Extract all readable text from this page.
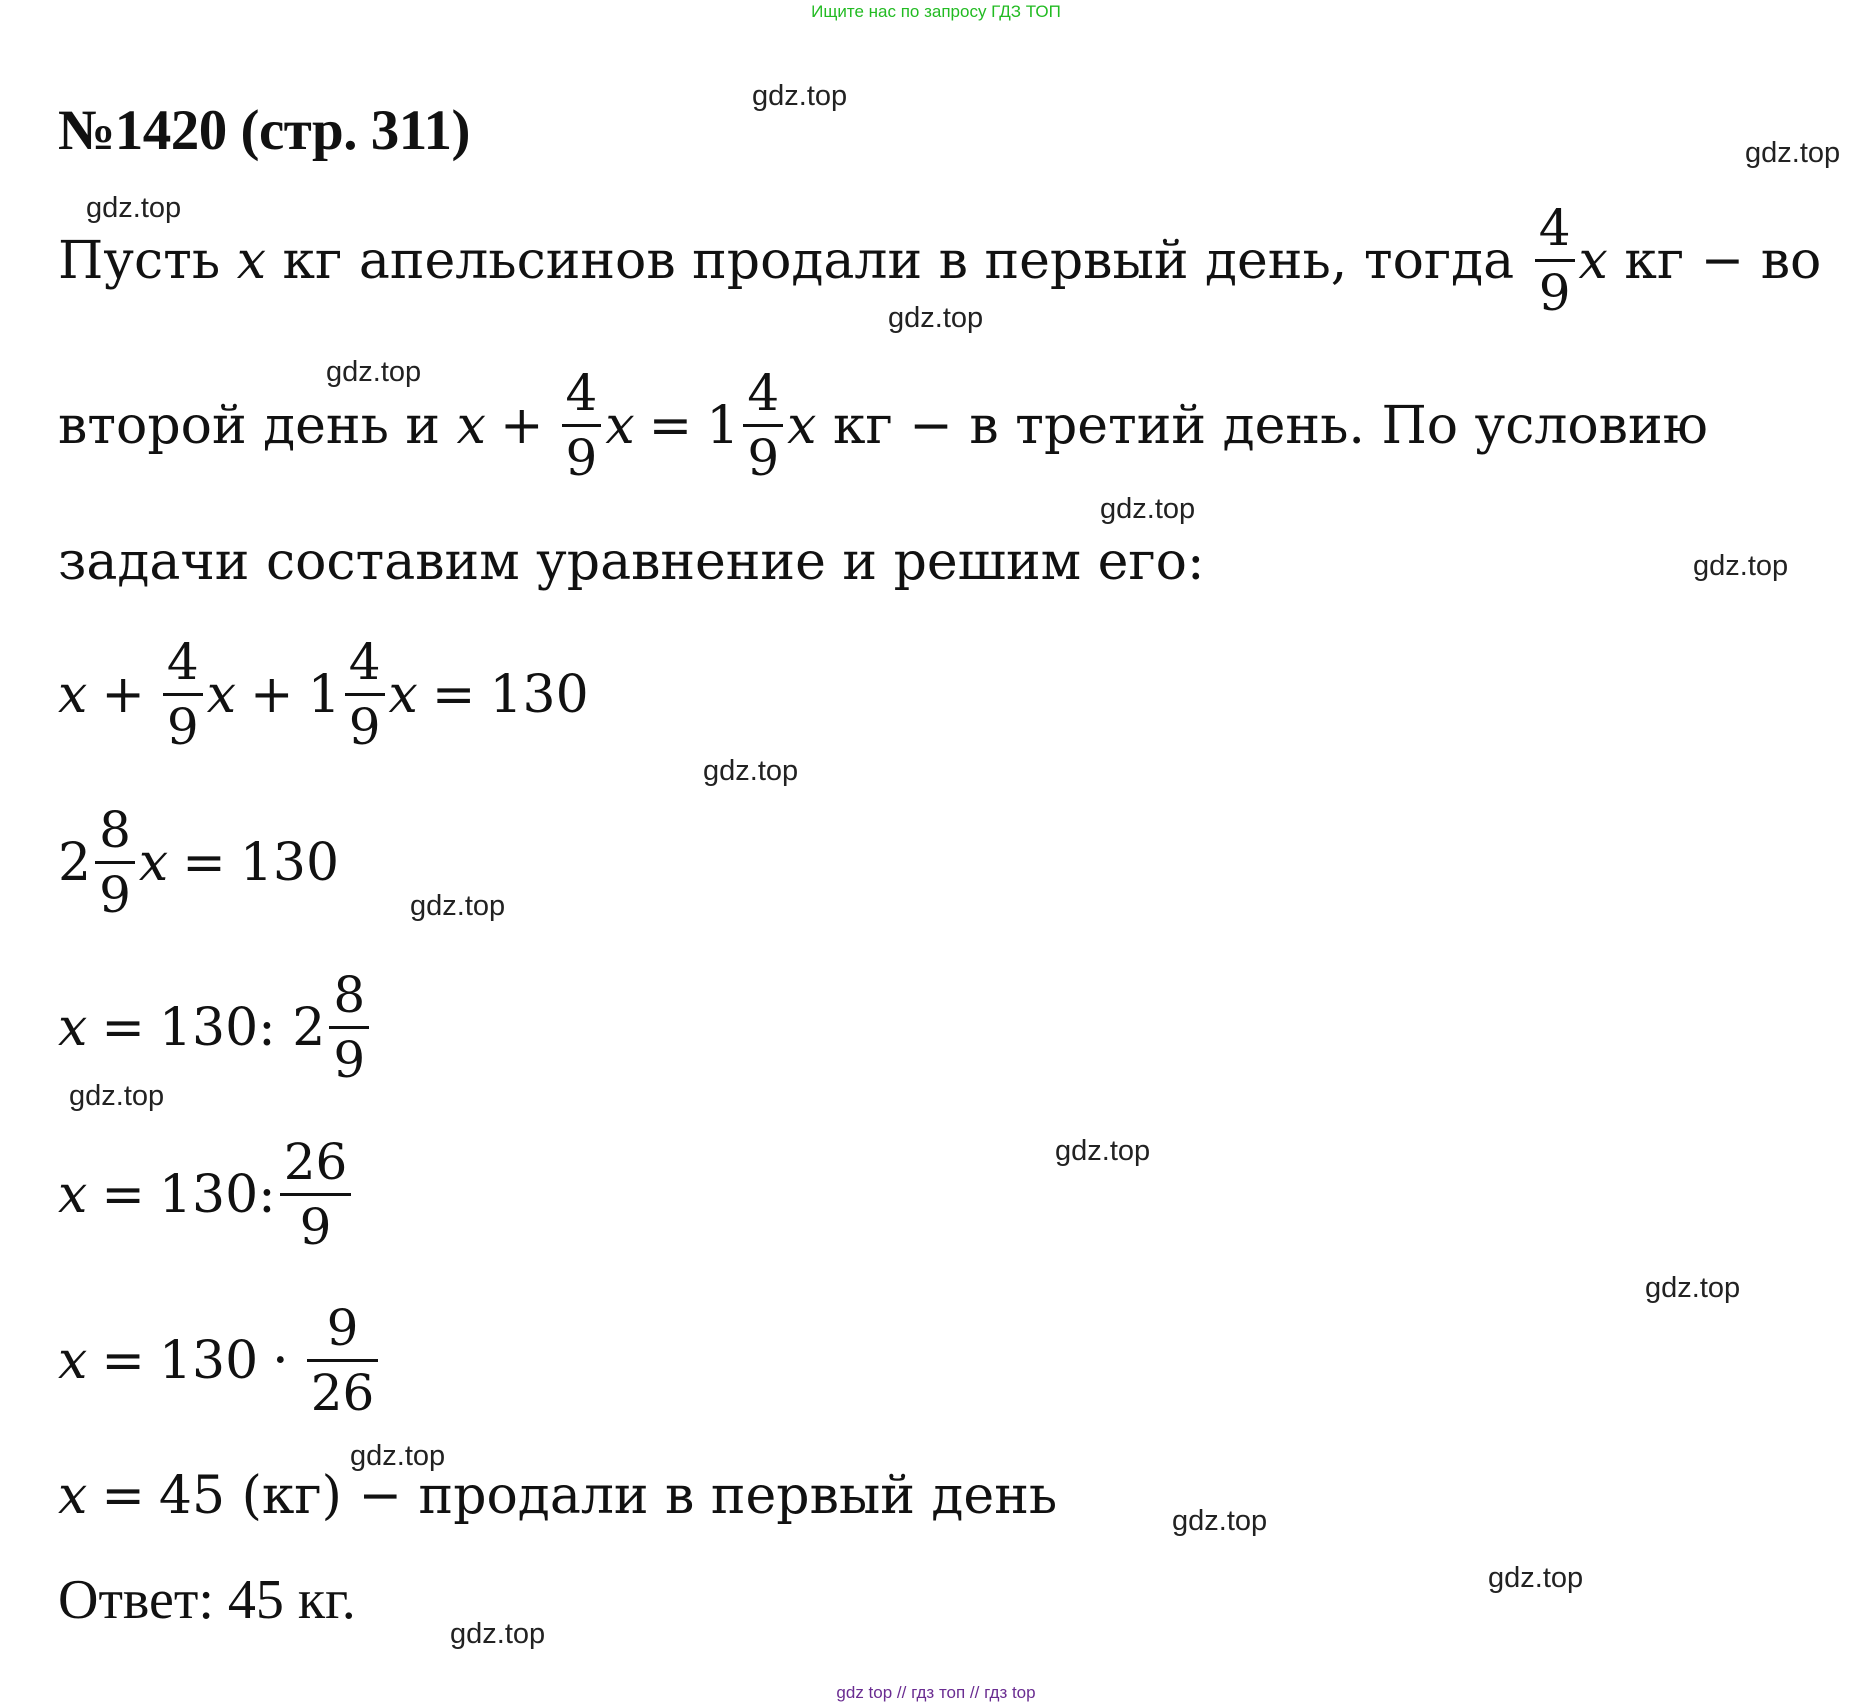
Ищите нас по запросу ГДЗ ТОП
№1420 (стр. 311)
gdz.top
gdz.top
gdz.top
gdz.top
gdz.top
gdz.top
gdz.top
gdz.top
gdz.top
gdz.top
gdz.top
gdz.top
gdz.top
gdz.top
gdz.top
gdz.top
Пусть
x
кг апельсинов продали в первый день, тогда
$\frac{4}{9}$ x
кг − во
второй день и
$x + \frac{4}{9}$ $x = 1 \frac{4}{9}$ x
кг − в третий день. По условию
задачи составим уравнение и решим его:
$x + \frac{4}{9}$ $x + 1 \frac{4}{9}$ x = 130
$2 \frac{8}{9}$ x = 130
x = 130 :
$2 \frac{8}{9}$
x = 130 : $\frac{26}{9}$
$x = 130 \cdot \frac{9}{26}$
x = 45 (кг) − продали в первый день
Ответ: 45 кг.
gdz top // гдз топ // гдз top
